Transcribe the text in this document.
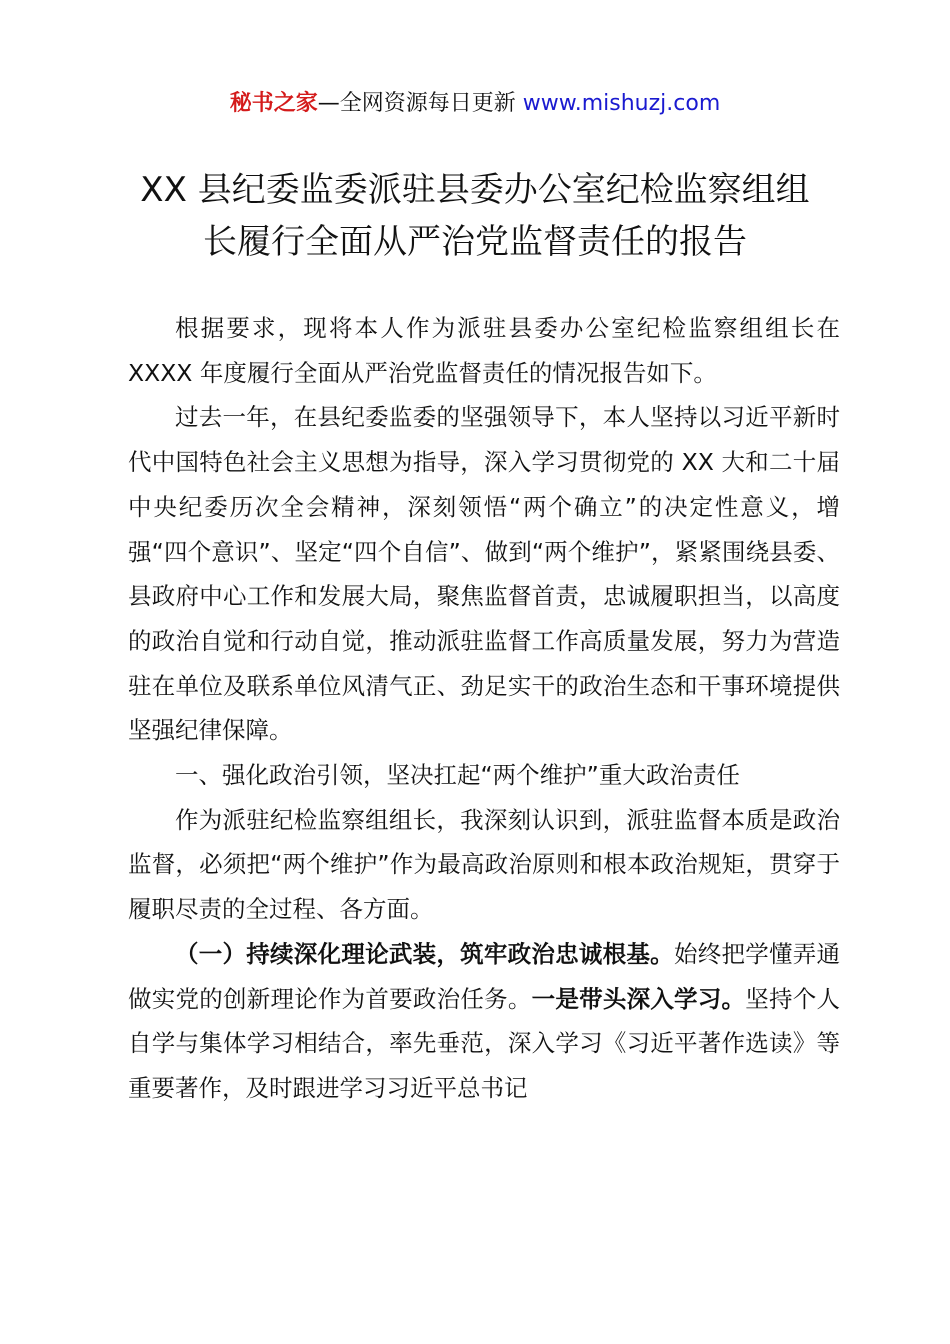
秘书之家—全网资源每日更新 www.mishuzj.com
XX 县纪委监委派驻县委办公室纪检监察组组
长履行全面从严治党监督责任的报告

根据要求，现将本人作为派驻县委办公室纪检监察组组长在 XXXX 年度履行全面从严治党监督责任的情况报告如下。

过去一年，在县纪委监委的坚强领导下，本人坚持以习近平新时代中国特色社会主义思想为指导，深入学习贯彻党的 XX 大和二十届中央纪委历次全会精神，深刻领悟“两个确立”的决定性意义，增强“四个意识”、坚定“四个自信”、做到“两个维护”，紧紧围绕县委、县政府中心工作和发展大局，聚焦监督首责，忠诚履职担当，以高度的政治自觉和行动自觉，推动派驻监督工作高质量发展，努力为营造驻在单位及联系单位风清气正、劲足实干的政治生态和干事环境提供坚强纪律保障。

一、强化政治引领，坚决扛起“两个维护”重大政治责任

作为派驻纪检监察组组长，我深刻认识到，派驻监督本质是政治监督，必须把“两个维护”作为最高政治原则和根本政治规矩，贯穿于履职尽责的全过程、各方面。

（一）持续深化理论武装，筑牢政治忠诚根基。始终把学懂弄通做实党的创新理论作为首要政治任务。一是带头深入学习。坚持个人自学与集体学习相结合，率先垂范，深入学习《习近平著作选读》等重要著作，及时跟进学习习近平总书记
